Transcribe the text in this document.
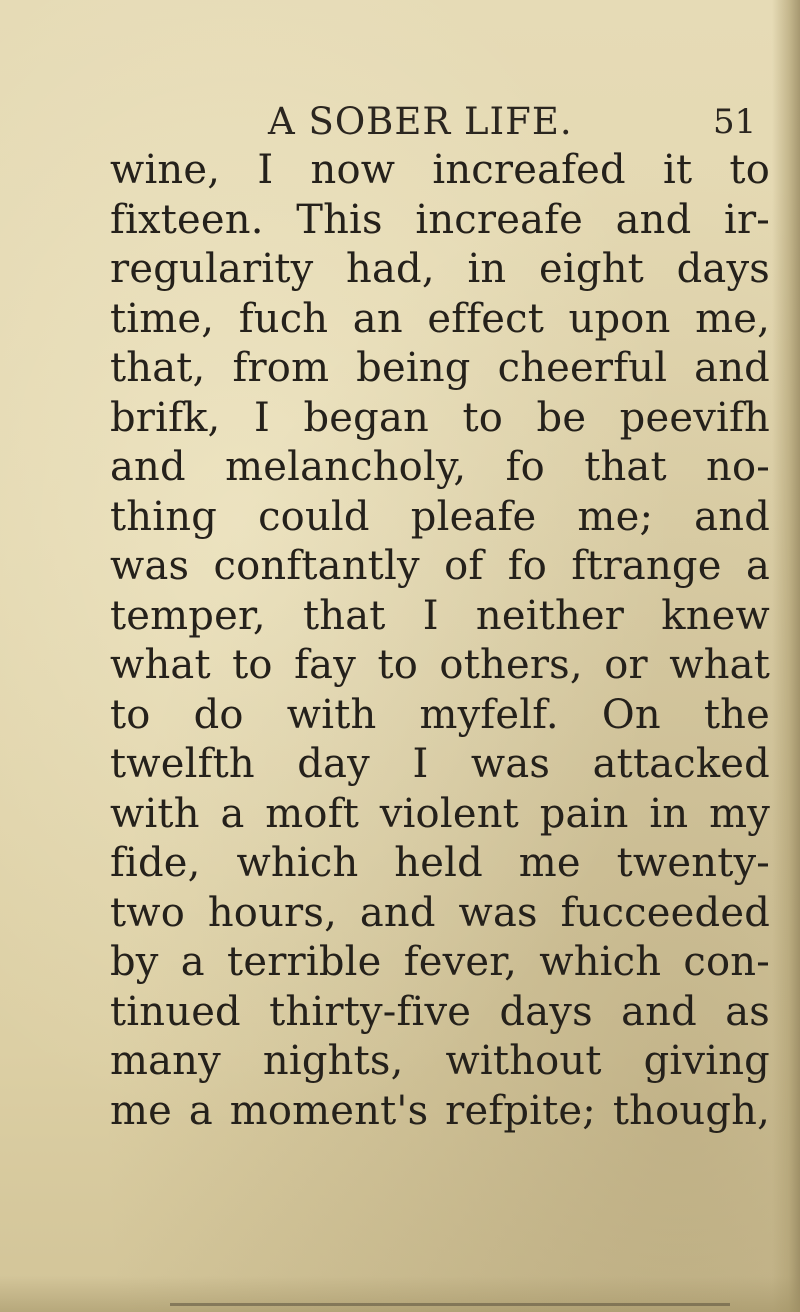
A SOBER LIFE.	51
wine, I now increafed it to
fixteen. This increafe and ir-
regularity had, in eight days
time, fuch an effect upon me,
that, from being cheerful and
brifk, I began to be peevifh
and melancholy, fo that no-
thing could pleafe me; and
was conftantly of fo ftrange a
temper, that I neither knew
what to fay to others, or what
to do with myfelf. On the
twelfth day I was attacked
with a moft violent pain in my
fide, which held me twenty-
two hours, and was fucceeded
by a terrible fever, which con-
tinued thirty-five days and as
many nights, without giving
me a moment's refpite; though,
